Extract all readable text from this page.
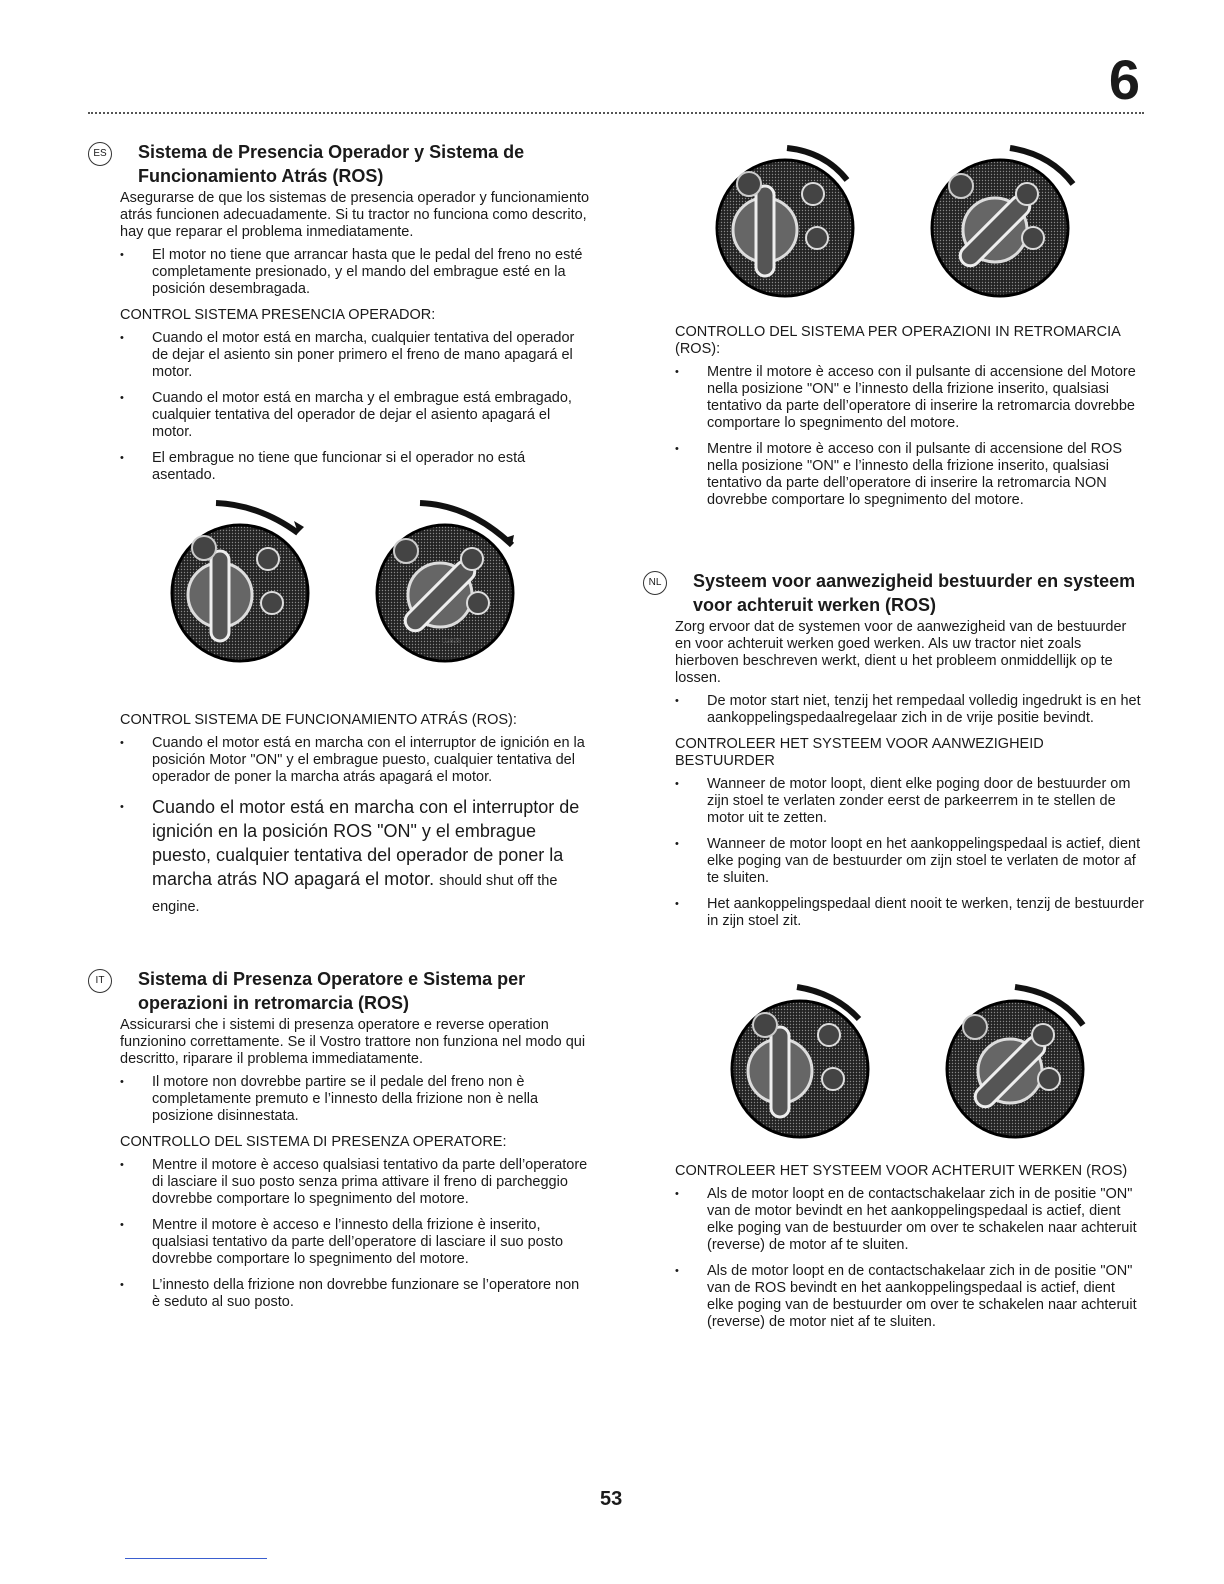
6
ES Sistema de Presencia Operador y Sistema de Funcionamiento Atrás (ROS)

Asegurarse de que los sistemas de presencia operador y funcionamiento atrás funcionen adecuadamente. Si tu tractor no funciona como descrito, hay que reparar el problema inmediatamente.

• El motor no tiene que arrancar hasta que le pedal del freno no esté completamente presionado, y el mando del embrague esté en la posición desembragada.

CONTROL SISTEMA PRESENCIA OPERADOR:

• Cuando el motor está en marcha, cualquier tentativa del operador de dejar el asiento sin poner primero el freno de mano apagará el motor.
• Cuando el motor está en marcha y el embrague está embragado, cualquier tentativa del operador de dejar el asiento apagará el motor.
• El embrague no tiene que funcionar si el operador no está asentado.
02828

CONTROL SISTEMA DE FUNCIONAMIENTO ATRÁS (ROS):

• Cuando el motor está en marcha con el interruptor de ignición en la posición Motor "ON" y el embrague puesto, cualquier tentativa del operador de poner la marcha atrás apagará el motor.
• Cuando el motor está en marcha con el interruptor de ignición en la posición ROS "ON" y el embrague puesto, cualquier tentativa del operador de poner la marcha atrás NO apagará el motor. should shut off the engine.
IT	Sistema di Presenza Operatore e Sistema per operazioni in retromarcia (ROS)

Assicurarsi che i sistemi di presenza operatore e reverse operation funzionino correttamente. Se il Vostro trattore non funziona nel modo qui descritto, riparare il problema immediatamente.

• Il motore non dovrebbe partire se il pedale del freno non è completamente premuto e l’innesto della frizione non è nella posizione disinnestata.

CONTROLLO DEL SISTEMA DI PRESENZA OPERATORE:

• Mentre il motore è acceso qualsiasi tentativo da parte dell’operatore di lasciare il suo posto senza prima attivare il freno di parcheggio dovrebbe comportare lo spegnimento del motore.
• Mentre il motore è acceso e l’innesto della frizione è inserito, qualsiasi tentativo da parte dell’operatore di lasciare il suo posto dovrebbe comportare lo spegnimento del motore.
• L’innesto della frizione non dovrebbe funzionare se l’operatore non è seduto al suo posto.

CONTROLLO DEL SISTEMA PER OPERAZIONI IN RETROMARCIA (ROS):

• Mentre il motore è acceso con il pulsante di accensione del Motore nella posizione "ON" e l’innesto della frizione inserito, qualsiasi tentativo da parte dell’operatore di inserire la retromarcia dovrebbe comportare lo spegnimento del motore.
• Mentre il motore è acceso con il pulsante di accensione del ROS nella posizione "ON" e l’innesto della frizione inserito, qualsiasi tentativo da parte dell’operatore di inserire la retromarcia NON dovrebbe comportare lo spegnimento del motore.
NL	Systeem voor aanwezigheid bestuurder en systeem voor achteruit werken (ROS)

Zorg ervoor dat de systemen voor de aanwezigheid van de bestuurder en voor achteruit werken goed werken. Als uw tractor niet zoals hierboven beschreven werkt, dient u het probleem onmiddellijk op te lossen.

• De motor start niet, tenzij het rempedaal volledig ingedrukt is en het aankoppelingspedaalregelaar zich in de vrije positie bevindt.

CONTROLEER HET SYSTEEM VOOR AANWEZIGHEID BESTUURDER

• Wanneer de motor loopt, dient elke poging door de bestuurder om zijn stoel te verlaten zonder eerst de parkeerrem in te stellen de motor uit te zetten.
• Wanneer de motor loopt en het aankoppelingspedaal is actief, dient elke poging van de bestuurder om zijn stoel te verlaten de motor af te sluiten.
• Het aankoppelingspedaal dient nooit te werken, tenzij de bestuurder in zijn stoel zit.

CONTROLEER HET SYSTEEM VOOR ACHTERUIT WERKEN (ROS)

• Als de motor loopt en de contactschakelaar zich in de positie "ON" van de motor bevindt en het aankoppelingspedaal is actief, dient elke poging van de bestuurder om over te schakelen naar achteruit (reverse) de motor af te sluiten.
• Als de motor loopt en de contactschakelaar zich in de positie "ON" van de ROS bevindt en het aankoppelingspedaal is actief, dient elke poging van de bestuurder om over te schakelen naar achteruit (reverse) de motor niet af te sluiten.
53
